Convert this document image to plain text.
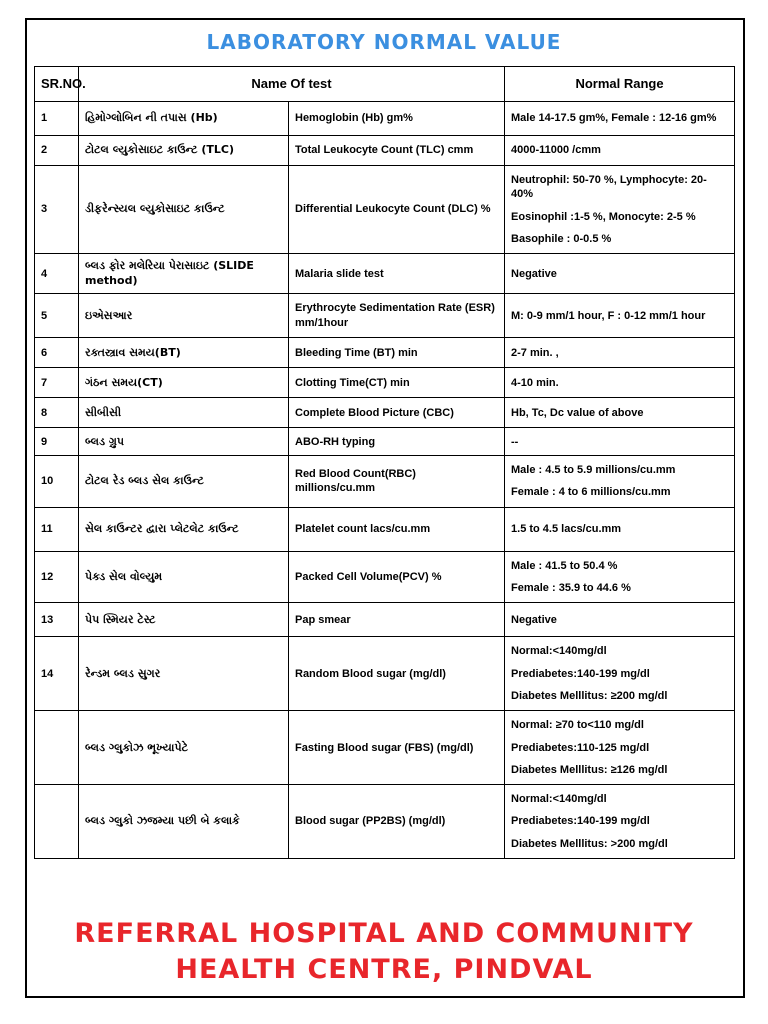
LABORATORY NORMAL VALUE
SR.NO.	Name Of test		Normal Range
1	હિમોગ્લોબિન ની તપાસ (Hb)	Hemoglobin (Hb) gm%	Male 14-17.5 gm%, Female : 12-16 gm%
2	ટોટલ લ્યુકોસાઇટ કાઉન્ટ (TLC)	Total Leukocyte Count (TLC) cmm	4000-11000 /cmm
3	ડીફરેન્સ્યલ લ્યુકોસાઇટ કાઉન્ટ	Differential Leukocyte Count (DLC) %	Neutrophil: 50-70 %, Lymphocyte: 20-40%
Eosinophil :1-5 %, Monocyte: 2-5 %
Basophile : 0-0.5 %

4	બ્લડ ફોર મલેરિયા પેરાસાઇટ (SLIDE method)	Malaria slide test	Negative
5	ઇએસઆર	Erythrocyte Sedimentation Rate (ESR) mm/1hour	M: 0-9 mm/1 hour, F : 0-12 mm/1 hour
6	રક્તસ્ત્રાવ સમય(BT)	Bleeding Time (BT) min	2-7 min. ,
7	ગંઠન સમય(CT)	Clotting Time(CT) min	4-10 min.
8	સીબીસી	Complete Blood Picture (CBC)	Hb, Tc, Dc value of above
9	બ્લડ ગ્રુપ	ABO-RH typing	--
10	ટોટલ રેડ બ્લડ સેલ કાઉન્ટ	Red Blood Count(RBC) millions/cu.mm	Male : 4.5 to 5.9 millions/cu.mm
Female : 4 to 6 millions/cu.mm

11	સેલ કાઉન્ટર દ્વારા પ્લેટલેટ કાઉન્ટ	Platelet count lacs/cu.mm	1.5 to 4.5 lacs/cu.mm
12	પેક્ડ સેલ વોલ્યુમ	Packed Cell Volume(PCV) %	Male : 41.5 to 50.4 %
Female : 35.9 to 44.6 %

13	પેપ સ્મિયર ટેસ્ટ	Pap smear	Negative
14	રેન્ડમ બ્લડ સુગર	Random Blood sugar (mg/dl)	Normal:<140mg/dl
Prediabetes:140-199 mg/dl
Diabetes Melllitus: ≥200 mg/dl

	બ્લડ ગ્લુકોઝ ભૂખ્યાપેટે	Fasting Blood sugar (FBS) (mg/dl)	Normal: ≥70 to<110 mg/dl
Prediabetes:110-125 mg/dl
Diabetes Melllitus: ≥126 mg/dl

	બ્લડ ગ્લુકો ઝજમ્યા પછી બે કલાકે	Blood sugar (PP2BS) (mg/dl)	Normal:<140mg/dl
Prediabetes:140-199 mg/dl
Diabetes Melllitus: >200 mg/dl
REFERRAL HOSPITAL AND COMMUNITY
HEALTH CENTRE, PINDVAL
